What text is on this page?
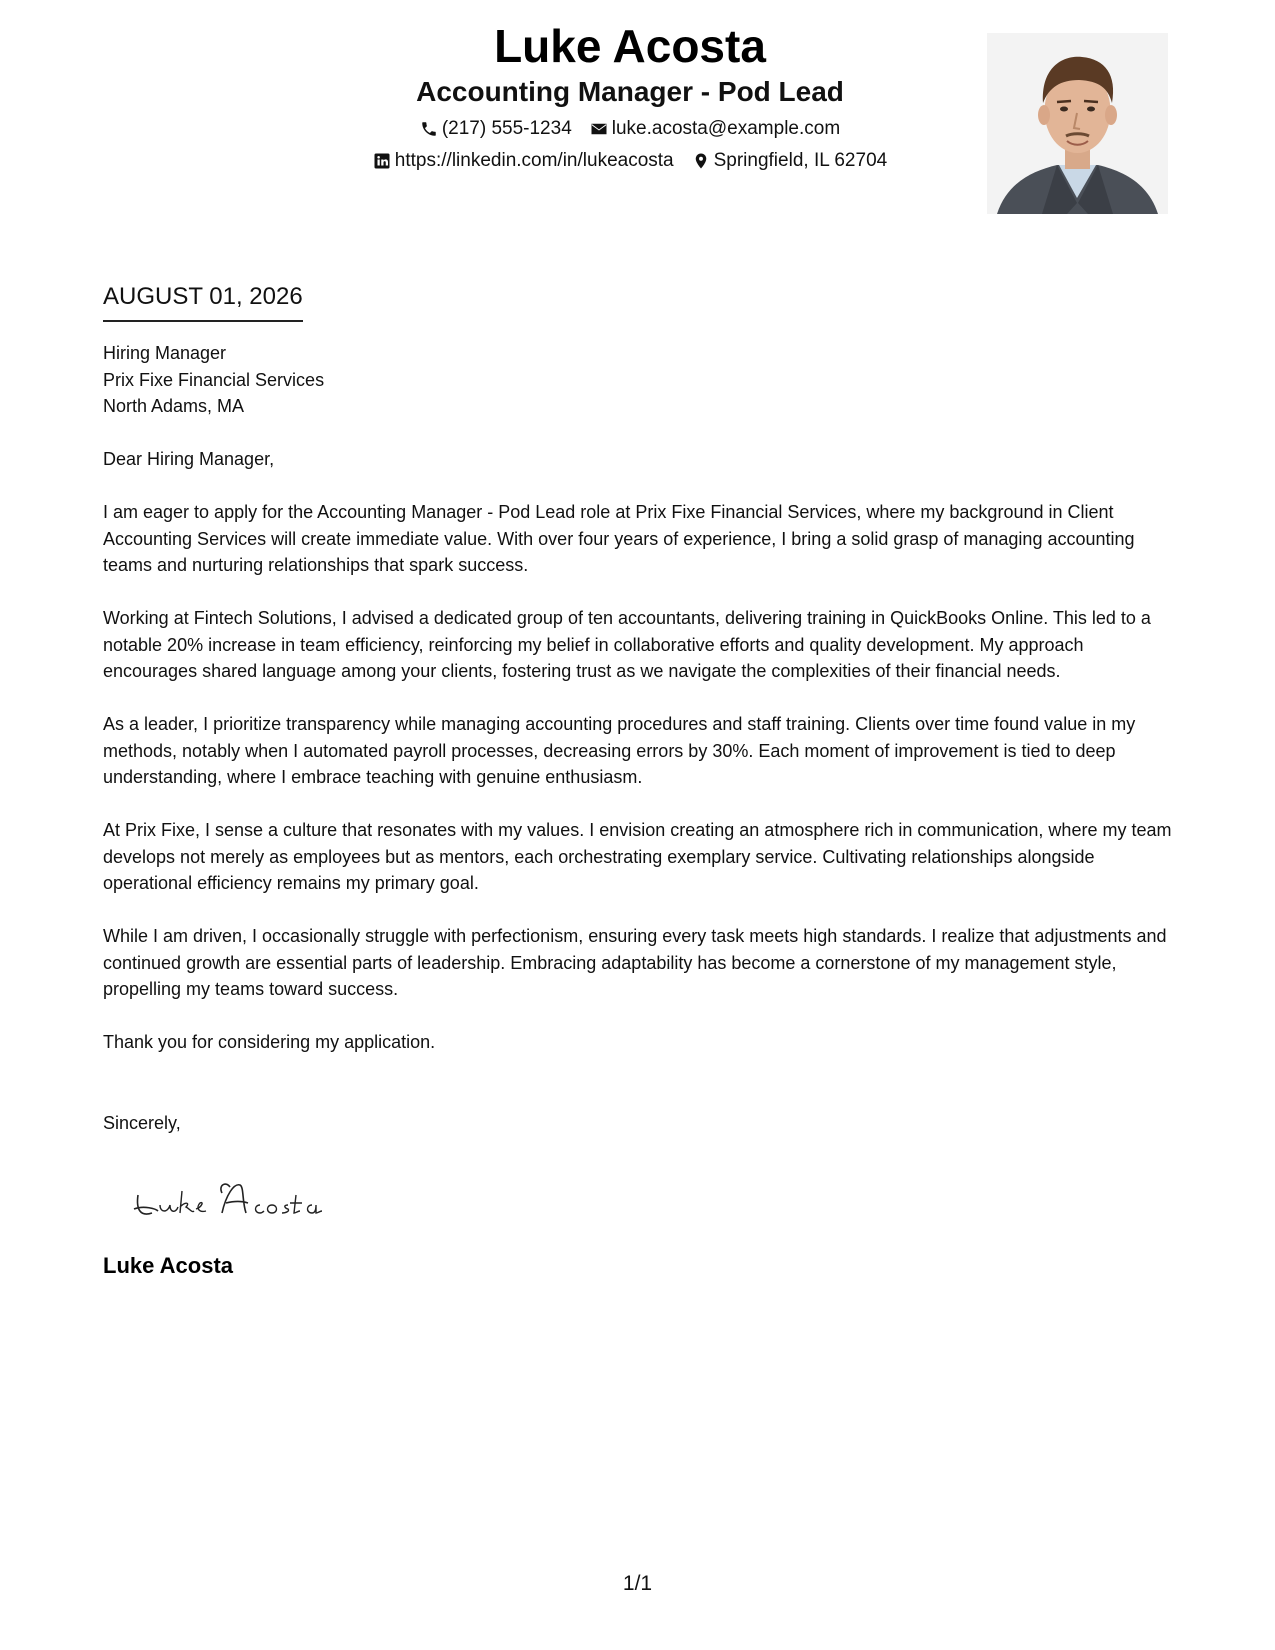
Luke Acosta
Accounting Manager - Pod Lead
(217) 555-1234 luke.acosta@example.com
https://linkedin.com/in/lukeacosta Springfield, IL 62704
AUGUST 01, 2026
Hiring Manager
Prix Fixe Financial Services
North Adams, MA

Dear Hiring Manager,

I am eager to apply for the Accounting Manager - Pod Lead role at Prix Fixe Financial Services, where my background in Client Accounting Services will create immediate value. With over four years of experience, I bring a solid grasp of managing accounting teams and nurturing relationships that spark success.

Working at Fintech Solutions, I advised a dedicated group of ten accountants, delivering training in QuickBooks Online. This led to a notable 20% increase in team efficiency, reinforcing my belief in collaborative efforts and quality development. My approach encourages shared language among your clients, fostering trust as we navigate the complexities of their financial needs.

As a leader, I prioritize transparency while managing accounting procedures and staff training. Clients over time found value in my methods, notably when I automated payroll processes, decreasing errors by 30%. Each moment of improvement is tied to deep understanding, where I embrace teaching with genuine enthusiasm.

At Prix Fixe, I sense a culture that resonates with my values. I envision creating an atmosphere rich in communication, where my team develops not merely as employees but as mentors, each orchestrating exemplary service. Cultivating relationships alongside operational efficiency remains my primary goal.

While I am driven, I occasionally struggle with perfectionism, ensuring every task meets high standards. I realize that adjustments and continued growth are essential parts of leadership. Embracing adaptability has become a cornerstone of my management style, propelling my teams toward success.

Thank you for considering my application.

Sincerely,
Luke Acosta
1/1
